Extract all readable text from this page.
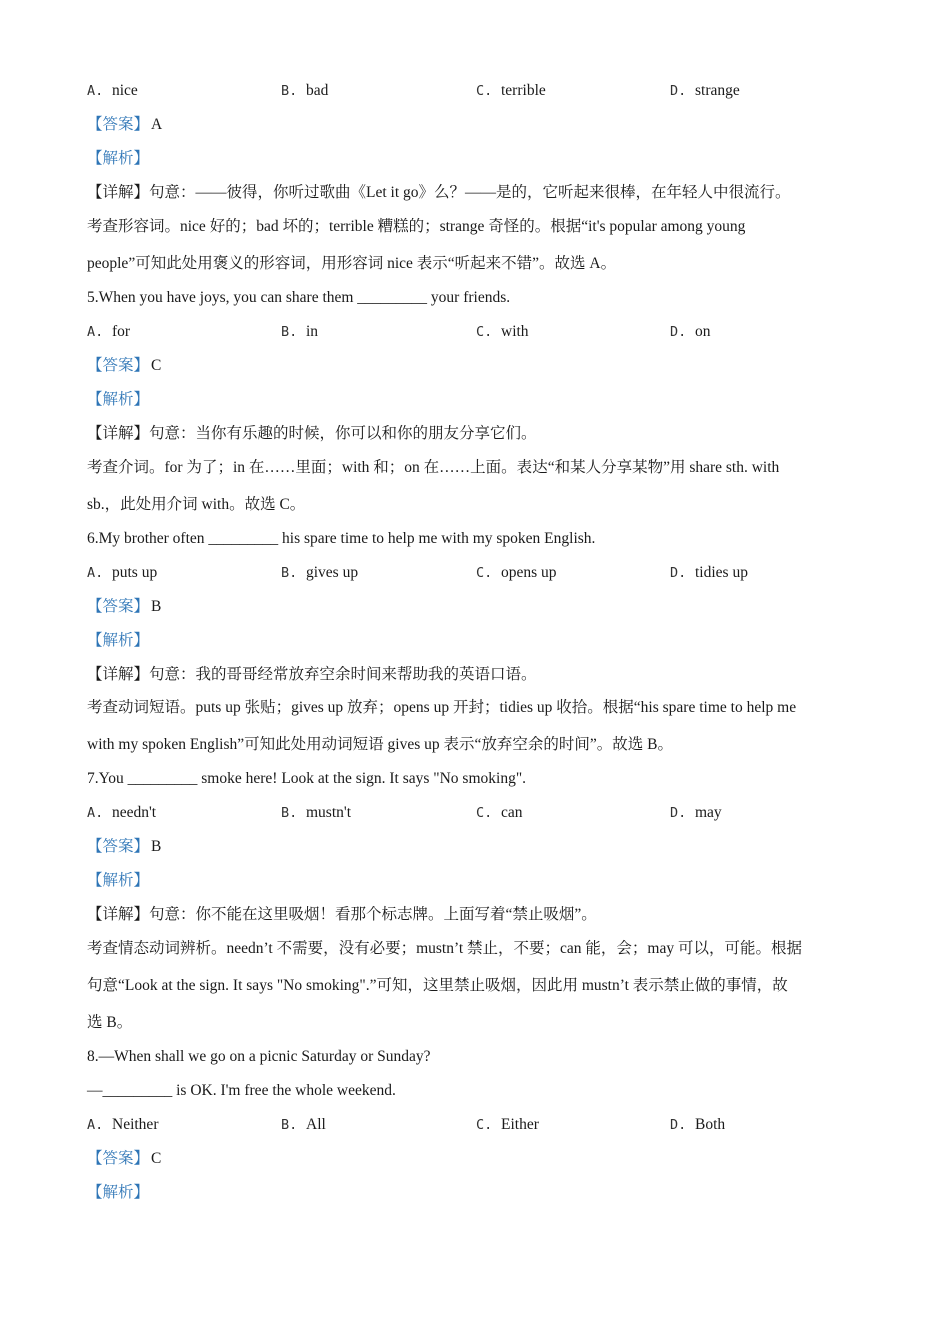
A. nice	B. bad	C. terrible	D. strange
【答案】 A
【解析】
【详解】句意：——彼得，你听过歌曲《Let it go》么？——是的，它听起来很棒，在年轻人中很流行。
考查形容词。nice 好的；bad 坏的；terrible 糟糕的；strange 奇怪的。根据“it's popular among young
people”可知此处用褒义的形容词，用形容词 nice 表示“听起来不错”。故选 A。
5.When you have joys, you can share them _________ your friends.
A. for	B. in	C. with	D. on
【答案】 C
【解析】
【详解】句意：当你有乐趣的时候，你可以和你的朋友分享它们。
考查介词。for 为了；in 在……里面；with 和；on 在……上面。表达“和某人分享某物”用 share sth. with
sb.，此处用介词 with。故选 C。
6.My brother often _________ his spare time to help me with my spoken English.
A. puts up	B. gives up	C. opens up	D. tidies up
【答案】 B
【解析】
【详解】句意：我的哥哥经常放弃空余时间来帮助我的英语口语。
考查动词短语。puts up 张贴；gives up 放弃；opens up 开封；tidies up 收拾。根据“his spare time to help me
with my spoken English”可知此处用动词短语 gives up 表示“放弃空余的时间”。故选 B。
7.You _________ smoke here! Look at the sign. It says "No smoking".
A. needn't	B. mustn't	C. can	D. may
【答案】 B
【解析】
【详解】句意：你不能在这里吸烟！看那个标志牌。上面写着“禁止吸烟”。
考查情态动词辨析。needn’t 不需要，没有必要；mustn’t 禁止，不要；can 能，会；may 可以，可能。根据
句意“Look at the sign. It says "No smoking".”可知，这里禁止吸烟，因此用 mustn’t 表示禁止做的事情，故
选 B。
8.—When shall we go on a picnic Saturday or Sunday?
—_________ is OK. I'm free the whole weekend.
A. Neither	B. All	C. Either	D. Both
【答案】 C
【解析】
